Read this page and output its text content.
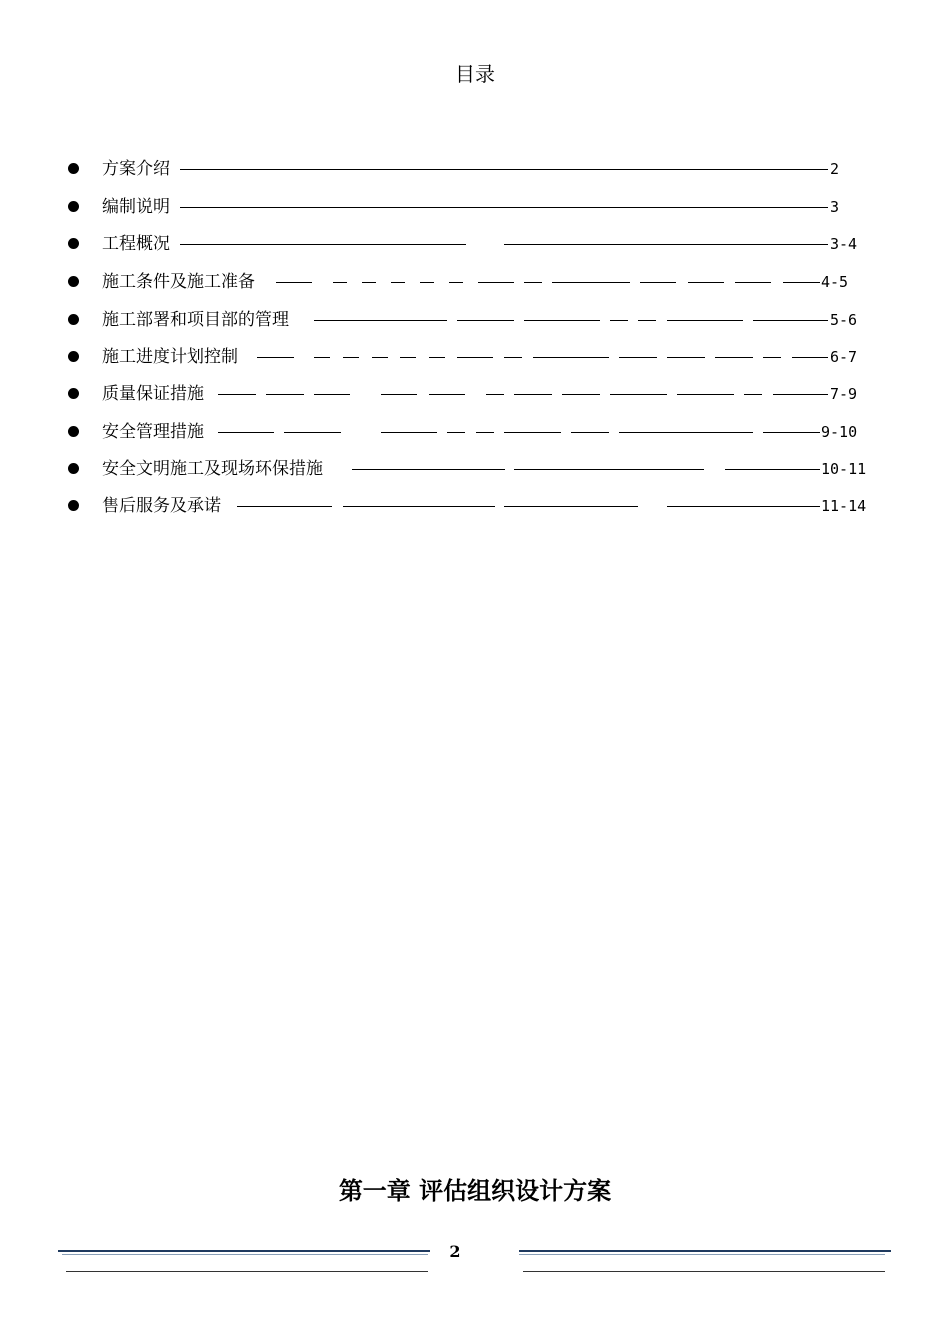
目录
方案介绍	2
编制说明	3
工程概况	3-4
施工条件及施工准备	4-5
施工部署和项目部的管理	5-6
施工进度计划控制	6-7
质量保证措施	7-9
安全管理措施	9-10
安全文明施工及现场环保措施	10-11
售后服务及承诺	11-14
第一章 评估组织设计方案
2
